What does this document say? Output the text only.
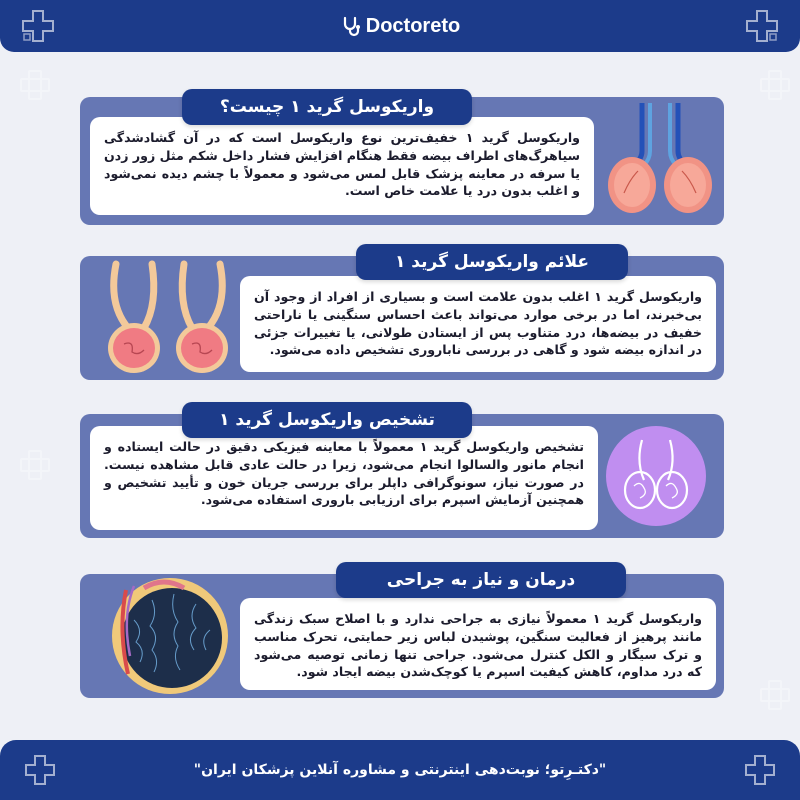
Doctoreto
واریکوسل گرید ۱ خفیف‌ترین نوع واریکوسل است که در آن گشادشدگی سیاهرگ‌های اطراف بیضه فقط هنگام افزایش فشار داخل شکم مثل زور زدن یا سرفه در معاینه پزشک قابل لمس می‌شود و معمولاً با چشم دیده نمی‌شود و اغلب بدون درد یا علامت خاص است.
واریکوسل گرید ۱ چیست؟
واریکوسل گرید ۱ اغلب بدون علامت است و بسیاری از افراد از وجود آن بی‌خبرند، اما در برخی موارد می‌تواند باعث احساس سنگینی یا ناراحتی خفیف در بیضه‌ها، درد متناوب پس از ایستادن طولانی، یا تغییرات جزئی در اندازه بیضه شود و گاهی در بررسی ناباروری تشخیص داده می‌شود.
علائم واریکوسل گرید ۱
تشخیص واریکوسل گرید ۱ معمولاً با معاینه فیزیکی دقیق در حالت ایستاده و انجام مانور والسالوا انجام می‌شود، زیرا در حالت عادی قابل مشاهده نیست. در صورت نیاز، سونوگرافی داپلر برای بررسی جریان خون و تأیید تشخیص و همچنین آزمایش اسپرم برای ارزیابی باروری استفاده می‌شود.
تشخیص واریکوسل گرید ۱
واریکوسل گرید ۱ معمولاً نیازی به جراحی ندارد و با اصلاح سبک زندگی مانند پرهیز از فعالیت سنگین، پوشیدن لباس زیر حمایتی، تحرک مناسب و ترک سیگار و الکل کنترل می‌شود. جراحی تنها زمانی توصیه می‌شود که درد مداوم، کاهش کیفیت اسپرم یا کوچک‌شدن بیضه ایجاد شود.
درمان و نیاز به جراحی
"دکتـرِتو؛ نوبت‌دهی اینترنتی و مشاوره آنلاین پزشکان ایران"
